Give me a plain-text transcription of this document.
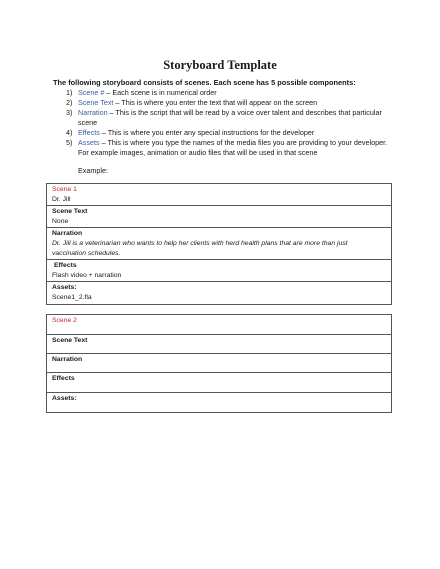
Storyboard Template
The following storyboard consists of scenes. Each scene has 5 possible components:
1) Scene # – Each scene is in numerical order
2) Scene Text – This is where you enter the text that will appear on the screen
3) Narration – This is the script that will be read by a voice over talent and describes that particular
scene
4) Effects – This is where you enter any special instructions for the developer
5) Assets – This is where you type the names of the media files you are providing to your developer.
For example images, animation or audio files that will be used in that scene
Example:
Scene 1
Dr. Jill
Scene Text
None
Narration
Dr. Jill is a veterinarian who wants to help her clients with herd health plans that are more than just
vaccination schedules.
Effects
Flash video + narration
Assets:
Scene1_2.fla
Scene 2
Scene Text
Narration
Effects
Assets:
